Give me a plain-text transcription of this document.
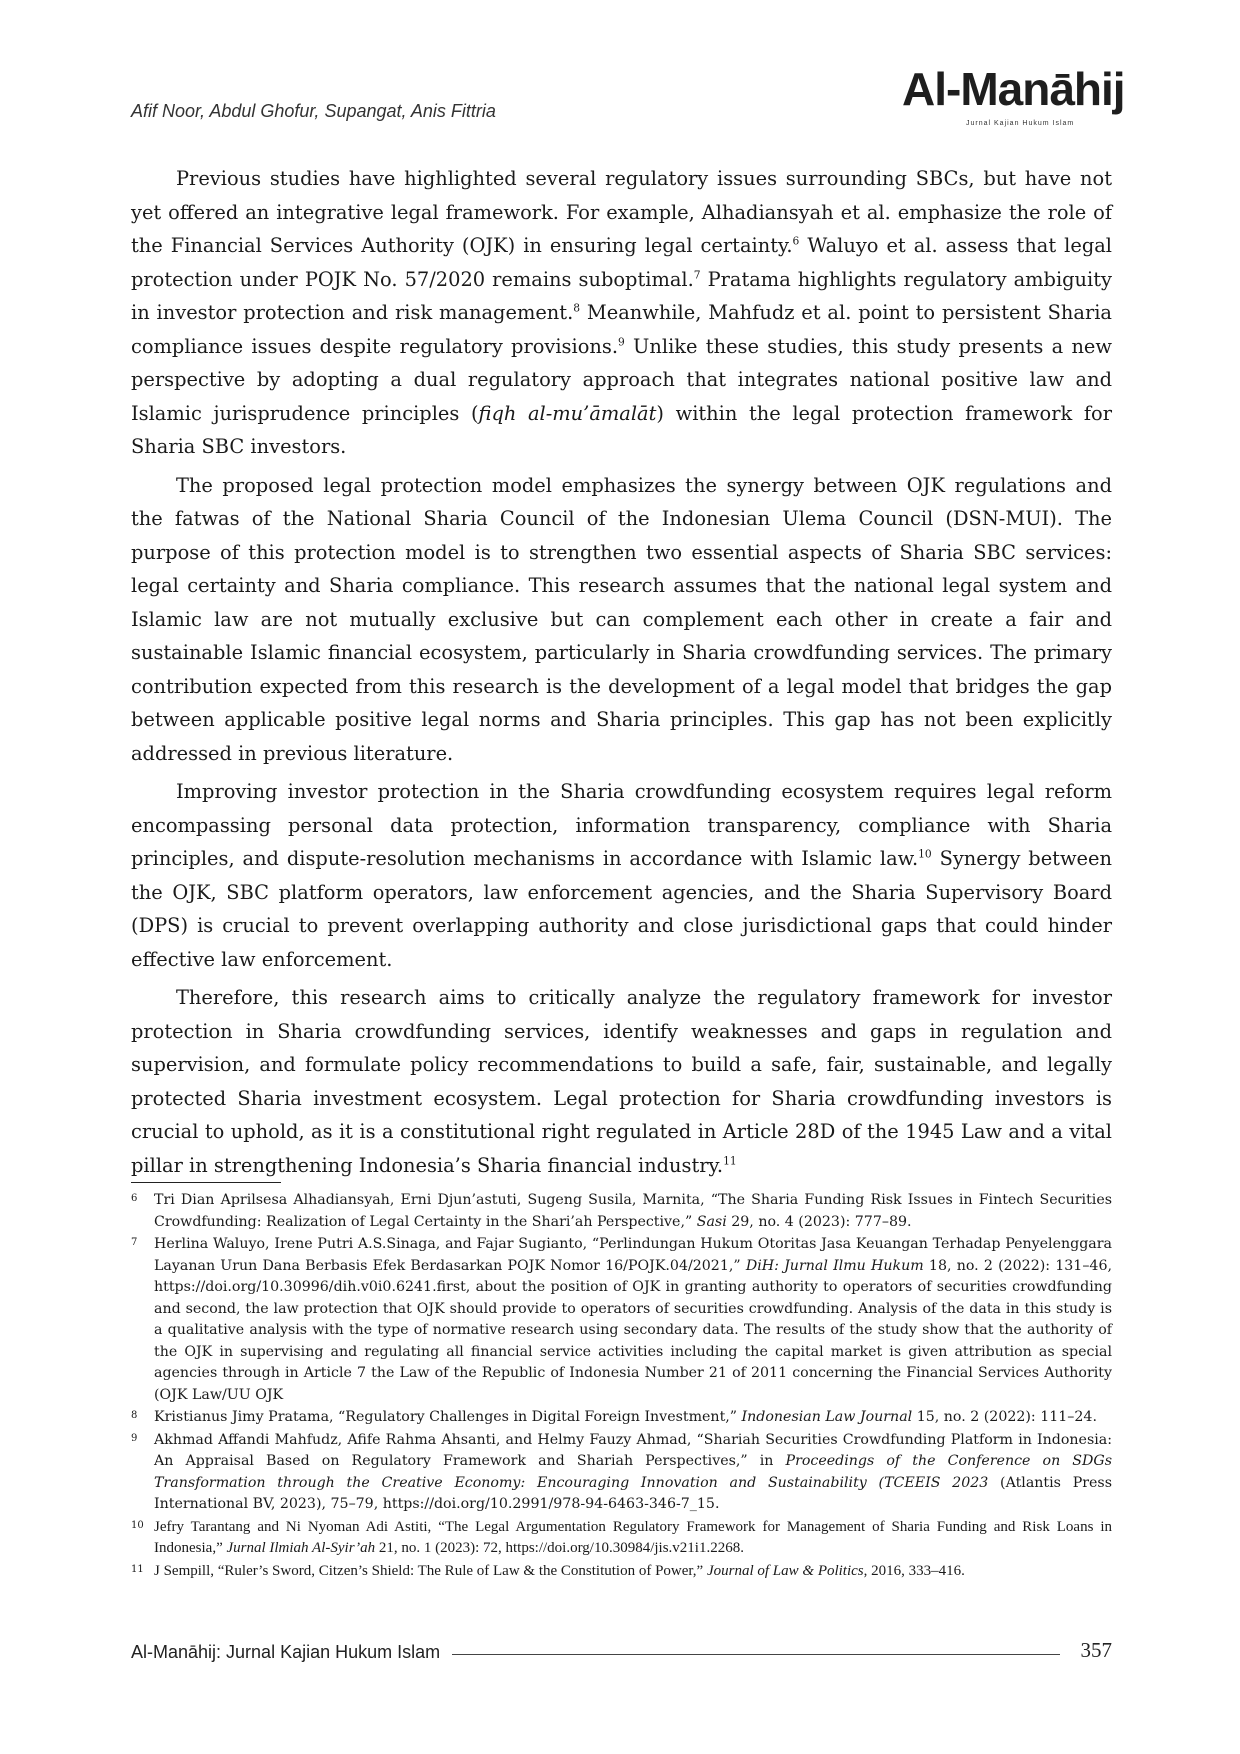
Afif Noor, Abdul Ghofur, Supangat, Anis Fittria	Al-Manāhij
Jurnal Kajian Hukum Islam

Previous studies have highlighted several regulatory issues surrounding SBCs, but have not yet offered an integrative legal framework. For example, Alhadiansyah et al. emphasize the role of the Financial Services Authority (OJK) in ensuring legal certainty.$^6$ Waluyo et al. assess that legal protection under POJK No. 57/2020 remains suboptimal.$^7$ Pratama highlights regulatory ambiguity in investor protection and risk management.$^8$ Meanwhile, Mahfudz et al. point to persistent Sharia compliance issues despite regulatory provisions.$^9$ Unlike these studies, this study presents a new perspective by adopting a dual regulatory approach that integrates national positive law and Islamic jurisprudence principles (fiqh al-mu’āmalāt) within the legal protection framework for Sharia SBC investors.

The proposed legal protection model emphasizes the synergy between OJK regulations and the fatwas of the National Sharia Council of the Indonesian Ulema Council (DSN-MUI). The purpose of this protection model is to strengthen two essential aspects of Sharia SBC services: legal certainty and Sharia compliance. This research assumes that the national legal system and Islamic law are not mutually exclusive but can complement each other in create a fair and sustainable Islamic financial ecosystem, particularly in Sharia crowdfunding services. The primary contribution expected from this research is the development of a legal model that bridges the gap between applicable positive legal norms and Sharia principles. This gap has not been explicitly addressed in previous literature.

Improving investor protection in the Sharia crowdfunding ecosystem requires legal reform encompassing personal data protection, information transparency, compliance with Sharia principles, and dispute-resolution mechanisms in accordance with Islamic law.$^{10}$ Synergy between the OJK, SBC platform operators, law enforcement agencies, and the Sharia Supervisory Board (DPS) is crucial to prevent overlapping authority and close jurisdictional gaps that could hinder effective law enforcement.

Therefore, this research aims to critically analyze the regulatory framework for investor protection in Sharia crowdfunding services, identify weaknesses and gaps in regulation and supervision, and formulate policy recommendations to build a safe, fair, sustainable, and legally protected Sharia investment ecosystem. Legal protection for Sharia crowdfunding investors is crucial to uphold, as it is a constitutional right regulated in Article 28D of the 1945 Law and a vital pillar in strengthening Indonesia’s Sharia financial industry.$^{11}$

6	Tri Dian Aprilsesa Alhadiansyah, Erni Djun’astuti, Sugeng Susila, Marnita, “The Sharia Funding Risk Issues in Fintech Securities Crowdfunding: Realization of Legal Certainty in the Shari’ah Perspective,” Sasi 29, no. 4 (2023): 777–89.
7	Herlina Waluyo, Irene Putri A.S.Sinaga, and Fajar Sugianto, “Perlindungan Hukum Otoritas Jasa Keuangan Terhadap Penyelenggara Layanan Urun Dana Berbasis Efek Berdasarkan POJK Nomor 16/POJK.04/2021,” DiH: Jurnal Ilmu Hukum 18, no. 2 (2022): 131–46, https://doi.org/10.30996/dih.v0i0.6241.first, about the position of OJK in granting authority to operators of securities crowdfunding and second, the law protection that OJK should provide to operators of securities crowdfunding. Analysis of the data in this study is a qualitative analysis with the type of normative research using secondary data. The results of the study show that the authority of the OJK in supervising and regulating all financial service activities including the capital market is given attribution as special agencies through in Article 7 the Law of the Republic of Indonesia Number 21 of 2011 concerning the Financial Services Authority (OJK Law/UU OJK
8	Kristianus Jimy Pratama, “Regulatory Challenges in Digital Foreign Investment,” Indonesian Law Journal 15, no. 2 (2022): 111–24.
9	Akhmad Affandi Mahfudz, Afife Rahma Ahsanti, and Helmy Fauzy Ahmad, “Shariah Securities Crowdfunding Platform in Indonesia: An Appraisal Based on Regulatory Framework and Shariah Perspectives,” in Proceedings of the Conference on SDGs Transformation through the Creative Economy: Encouraging Innovation and Sustainability (TCEEIS 2023 (Atlantis Press International BV, 2023), 75–79, https://doi.org/10.2991/978-94-6463-346-7_15.
10 Jefry Tarantang and Ni Nyoman Adi Astiti, “The Legal Argumentation Regulatory Framework for Management of Sharia Funding and Risk Loans in Indonesia,” Jurnal Ilmiah Al-Syir’ah 21, no. 1 (2023): 72, https://doi.org/10.30984/jis.v21i1.2268.
11 J Sempill, “Ruler’s Sword, Citzen’s Shield: The Rule of Law & the Constitution of Power,” Journal of Law & Politics, 2016, 333–416.
Al-Manāhij: Jurnal Kajian Hukum Islam	357
